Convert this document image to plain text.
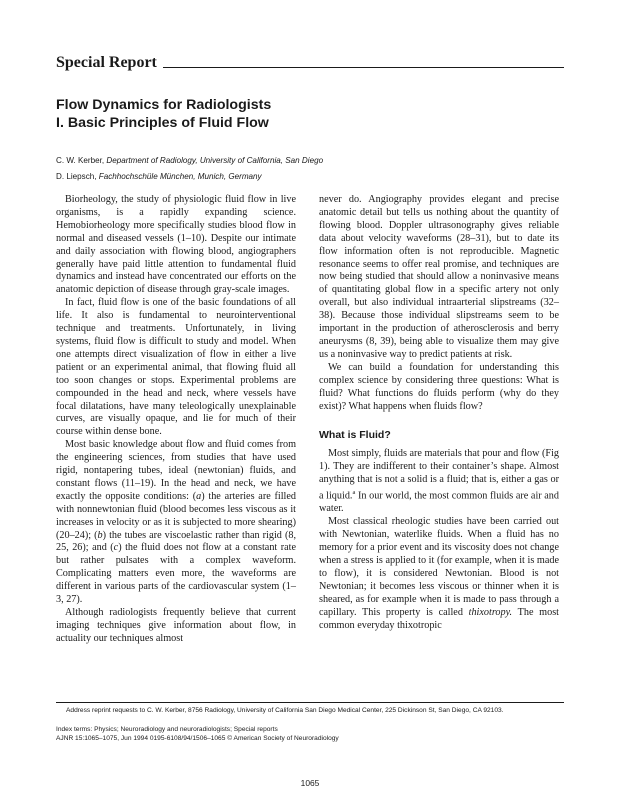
Special Report
Flow Dynamics for Radiologists
I. Basic Principles of Fluid Flow
C. W. Kerber, Department of Radiology, University of California, San Diego
D. Liepsch, Fachhochschüle München, Munich, Germany

Biorheology, the study of physiologic fluid flow in live organisms, is a rapidly expanding science. Hemobiorheology more specifically studies blood flow in normal and diseased vessels (1–10). Despite our intimate and daily association with flowing blood, angiographers generally have paid little attention to fundamental fluid dynamics and instead have concentrated our efforts on the anatomic depiction of disease through gray-scale images.

In fact, fluid flow is one of the basic foundations of all life. It also is fundamental to neurointerventional technique and treatments. Unfortunately, in living systems, fluid flow is difficult to study and model. When one attempts direct visualization of flow in either a live patient or an experimental animal, that flowing fluid all too soon changes or stops. Experimental problems are compounded in the head and neck, where vessels have focal dilatations, have many teleologically unexplainable curves, are visually opaque, and lie for much of their course within dense bone.

Most basic knowledge about flow and fluid comes from the engineering sciences, from studies that have used rigid, nontapering tubes, ideal (newtonian) fluids, and constant flows (11–19). In the head and neck, we have exactly the opposite conditions: (a) the arteries are filled with nonnewtonian fluid (blood becomes less viscous as it increases in velocity or as it is subjected to more shearing) (20–24); (b) the tubes are viscoelastic rather than rigid (8, 25, 26); and (c) the fluid does not flow at a constant rate but rather pulsates with a complex waveform. Complicating matters even more, the waveforms are different in various parts of the cardiovascular system (1–3, 27).

Although radiologists frequently believe that current imaging techniques give information about flow, in actuality our techniques almost

never do. Angiography provides elegant and precise anatomic detail but tells us nothing about the quantity of flowing blood. Doppler ultrasonography gives reliable data about velocity waveforms (28–31), but to date its flow information often is not reproducible. Magnetic resonance seems to offer real promise, and techniques are now being studied that should allow a noninvasive means of quantitating global flow in a specific artery not only overall, but also individual intraarterial slipstreams (32–38). Because those individual slipstreams seem to be important in the production of atherosclerosis and berry aneurysms (8, 39), being able to visualize them may give us a noninvasive way to predict patients at risk.

We can build a foundation for understanding this complex science by considering three questions: What is fluid? What functions do fluids perform (why do they exist)? What happens when fluids flow?

What is Fluid?

Most simply, fluids are materials that pour and flow (Fig 1). They are indifferent to their container’s shape. Almost anything that is not a solid is a fluid; that is, either a gas or a liquid.$^a$ In our world, the most common fluids are air and water.

Most classical rheologic studies have been carried out with Newtonian, waterlike fluids. When a fluid has no memory for a prior event and its viscosity does not change when a stress is applied to it (for example, when it is made to flow), it is considered Newtonian. Blood is not Newtonian; it becomes less viscous or thinner when it is sheared, as for example when it is made to pass through a capillary. This property is called thixotropy. The most common everyday thixotropic

Address reprint requests to C. W. Kerber, 8756 Radiology, University of California San Diego Medical Center, 225 Dickinson St, San Diego, CA 92103.

Index terms: Physics; Neuroradiology and neuroradiologists; Special reports

AJNR 15:1065–1075, Jun 1994 0195-6108/94/1506–1065 © American Society of Neuroradiology

1065
